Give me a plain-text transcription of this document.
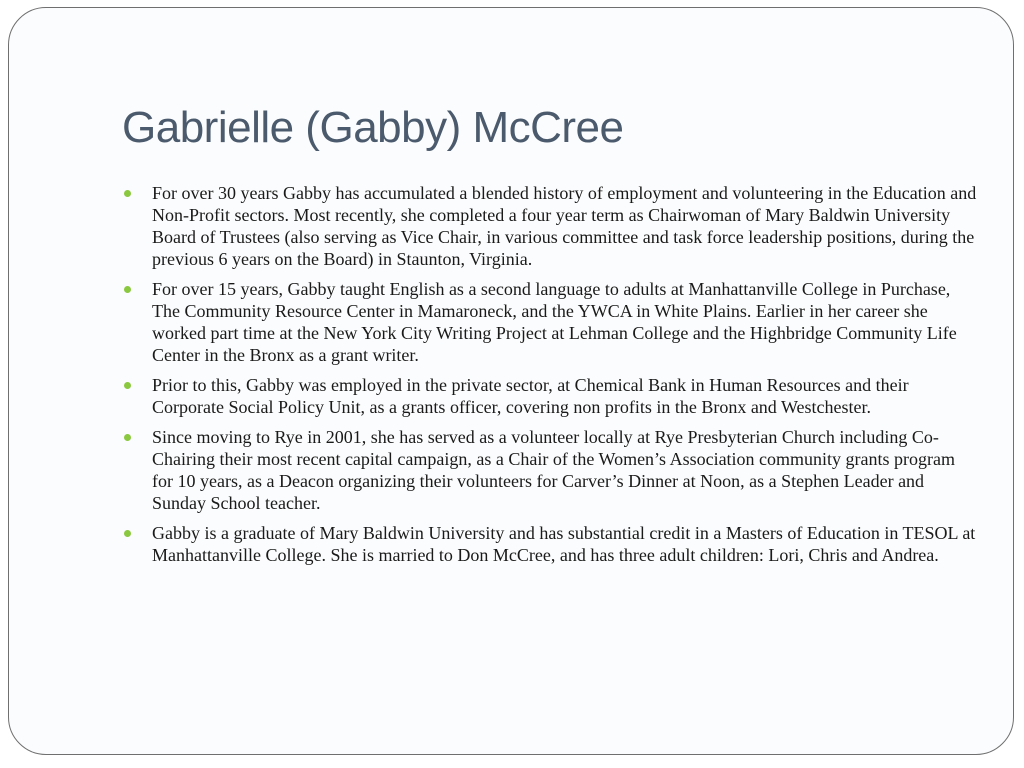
Gabrielle (Gabby) McCree
For over 30 years Gabby has accumulated a blended history of employment and volunteering in the Education and Non-Profit sectors. Most recently, she completed a four year term as Chairwoman of Mary Baldwin University Board of Trustees (also serving as Vice Chair, in various committee and task force leadership positions, during the previous 6 years on the Board) in Staunton, Virginia.
For over 15 years, Gabby taught English as a second language to adults at Manhattanville College in Purchase, The Community Resource Center in Mamaroneck, and the YWCA in White Plains. Earlier in her career she worked part time at the New York City Writing Project at Lehman College and the Highbridge Community Life Center in the Bronx as a grant writer.
Prior to this, Gabby was employed in the private sector, at Chemical Bank in Human Resources and their Corporate Social Policy Unit, as a grants officer, covering non profits in the Bronx and Westchester.
Since moving to Rye in 2001, she has served as a volunteer locally at Rye Presbyterian Church including Co-Chairing their most recent capital campaign, as a Chair of the Women’s Association community grants program for 10 years, as a Deacon organizing their volunteers for Carver’s Dinner at Noon, as a Stephen Leader and Sunday School teacher.
Gabby is a graduate of Mary Baldwin University and has substantial credit in a Masters of Education in TESOL at Manhattanville College. She is married to Don McCree, and has three adult children: Lori, Chris and Andrea.
